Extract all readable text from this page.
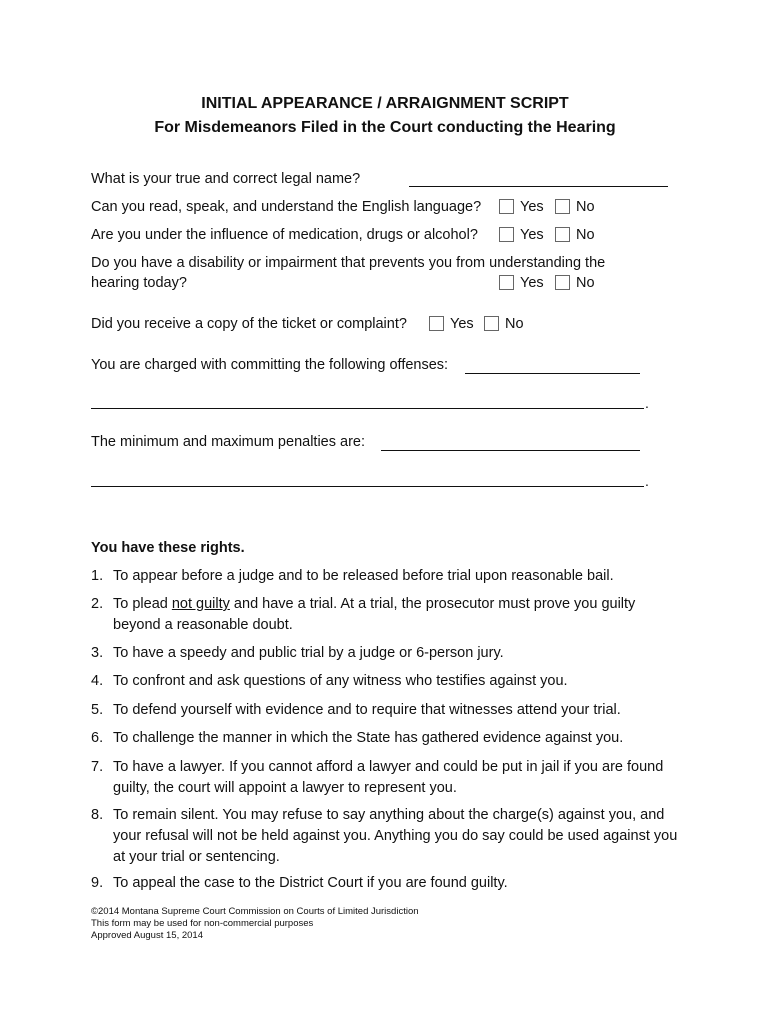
INITIAL APPEARANCE / ARRAIGNMENT SCRIPT
For Misdemeanors Filed in the Court conducting the Hearing
What is your true and correct legal name?
Can you read, speak, and understand the English language?	Yes No
Are you under the influence of medication, drugs or alcohol?	Yes No
Do you have a disability or impairment that prevents you from understanding the
hearing today?	Yes No
Did you receive a copy of the ticket or complaint?	Yes No
You are charged with committing the following offenses:
.
The minimum and maximum penalties are:
.
You have these rights.
1. To appear before a judge and to be released before trial upon reasonable bail.
2. To plead not guilty and have a trial. At a trial, the prosecutor must prove you guilty beyond a reasonable doubt.
3. To have a speedy and public trial by a judge or 6-person jury.
4. To confront and ask questions of any witness who testifies against you.
5. To defend yourself with evidence and to require that witnesses attend your trial.
6. To challenge the manner in which the State has gathered evidence against you.
7. To have a lawyer. If you cannot afford a lawyer and could be put in jail if you are found guilty, the court will appoint a lawyer to represent you.
8. To remain silent. You may refuse to say anything about the charge(s) against you, and your refusal will not be held against you. Anything you do say could be used against you at your trial or sentencing.
9. To appeal the case to the District Court if you are found guilty.
©2014 Montana Supreme Court Commission on Courts of Limited Jurisdiction
This form may be used for non-commercial purposes
Approved August 15, 2014
